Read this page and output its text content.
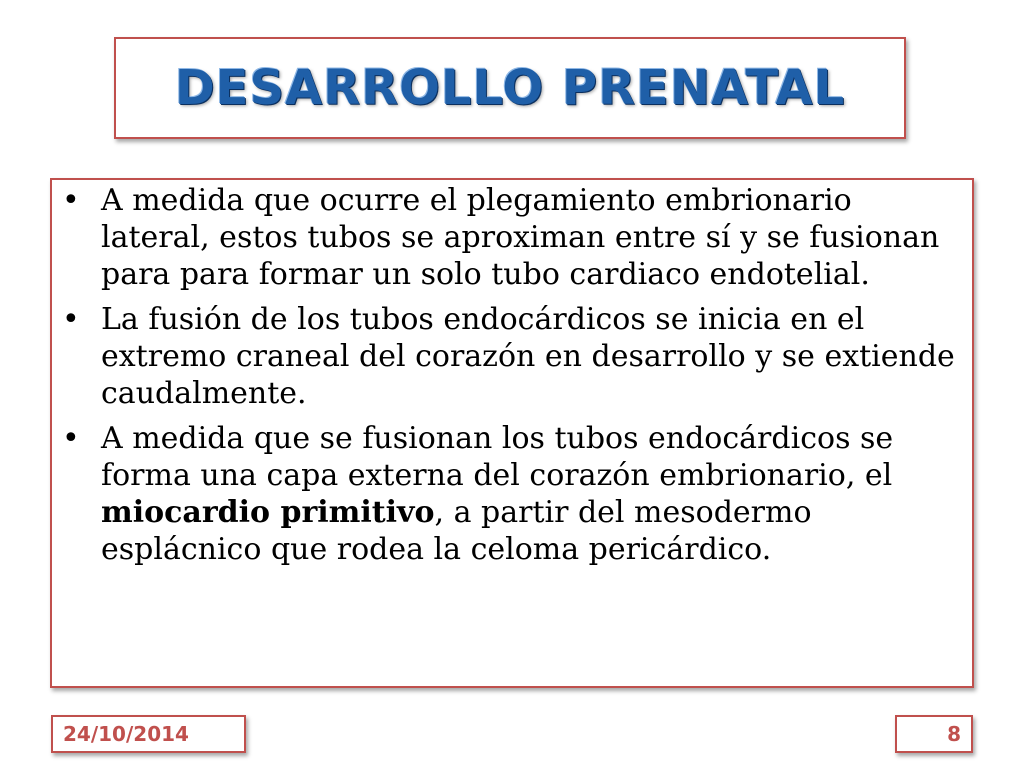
DESARROLLO PRENATAL
• A medida que ocurre el plegamiento embrionario lateral, estos tubos se aproximan entre sí y se fusionan para para formar un solo tubo cardiaco endotelial.
• La fusión de los tubos endocárdicos se inicia en el extremo craneal del corazón en desarrollo y se extiende caudalmente.
• A medida que se fusionan los tubos endocárdicos se forma una capa externa del corazón embrionario, el miocardio primitivo, a partir del mesodermo esplácnico que rodea la celoma pericárdico.
24/10/2014	8
